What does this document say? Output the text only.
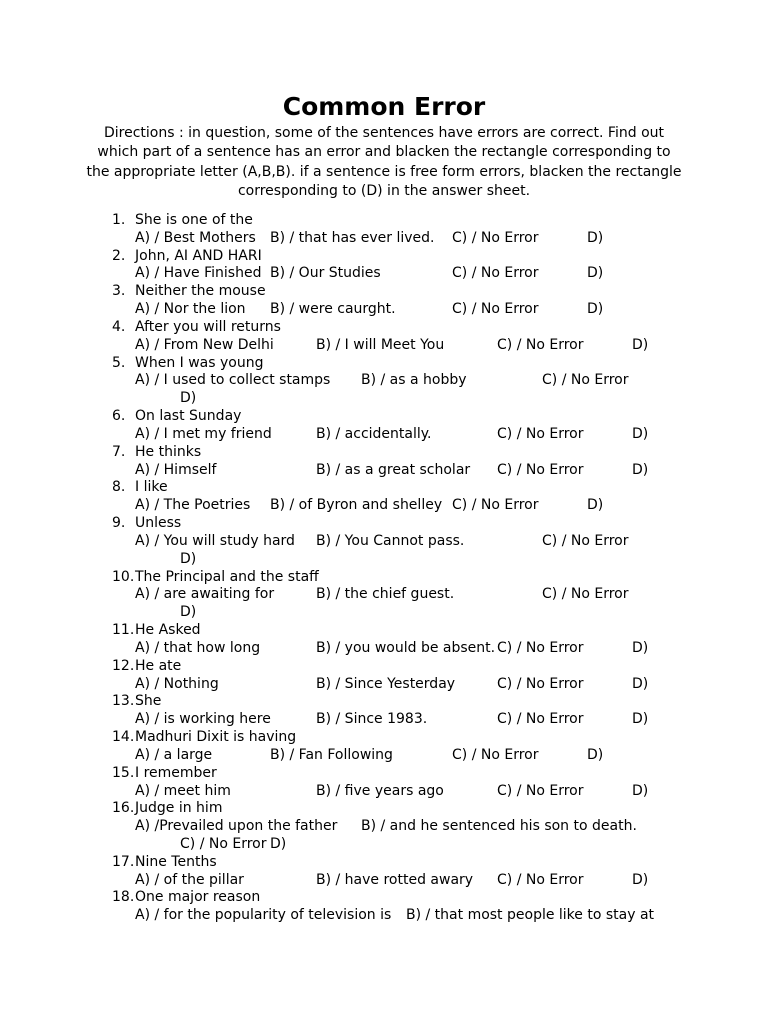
Common Error
Directions : in question, some of the sentences have errors are correct. Find out which part of a sentence has an error and blacken the rectangle corresponding to the appropriate letter (A,B,B). if a sentence is free form errors, blacken the rectangle corresponding to (D) in the answer sheet.
1. She is one of the
A) / Best Mothers B) / that has ever lived. C) / No Error	D)
2. John, AI AND HARI
A) / Have Finished B) / Our Studies	C) / No Error	D)
3. Neither the mouse
A) / Nor the lion B) / were caurght.	C) / No Error	D)
4. After you will returns
A) / From New Delhi	B) / I will Meet You	C) / No Error	D)
5. When I was young
A) / I used to collect stamps B) / as a hobby	C) / No Error
D)
6. On last Sunday
A) / I met my friend	B) / accidentally.	C) / No Error	D)
7. He thinks
A) / Himself	B) / as a great scholar C) / No Error	D)
8. I like
A) / The Poetries B) / of Byron and shelley C) / No Error	D)
9. Unless
A) / You will study hard B) / You Cannot pass.	C) / No Error
D)
10. The Principal and the staff
A) / are awaiting for	B) / the chief guest.	C) / No Error
D)
11. He Asked
A) / that how long	B) / you would be absent. C) / No Error	D)
12. He ate
A) / Nothing	B) / Since Yesterday	C) / No Error	D)
13. She
A) / is working here	B) / Since 1983.	C) / No Error	D)
14. Madhuri Dixit is having
A) / a large	B) / Fan Following	C) / No Error	D)
15. I remember
A) / meet him	B) / five years ago	C) / No Error	D)
16. Judge in him
A) /Prevailed upon the father B) / and he sentenced his son to death.
C) / No Error D)
17. Nine Tenths
A) / of the pillar	B) / have rotted awary C) / No Error	D)
18. One major reason
A) / for the popularity of television is B) / that most people like to stay at
